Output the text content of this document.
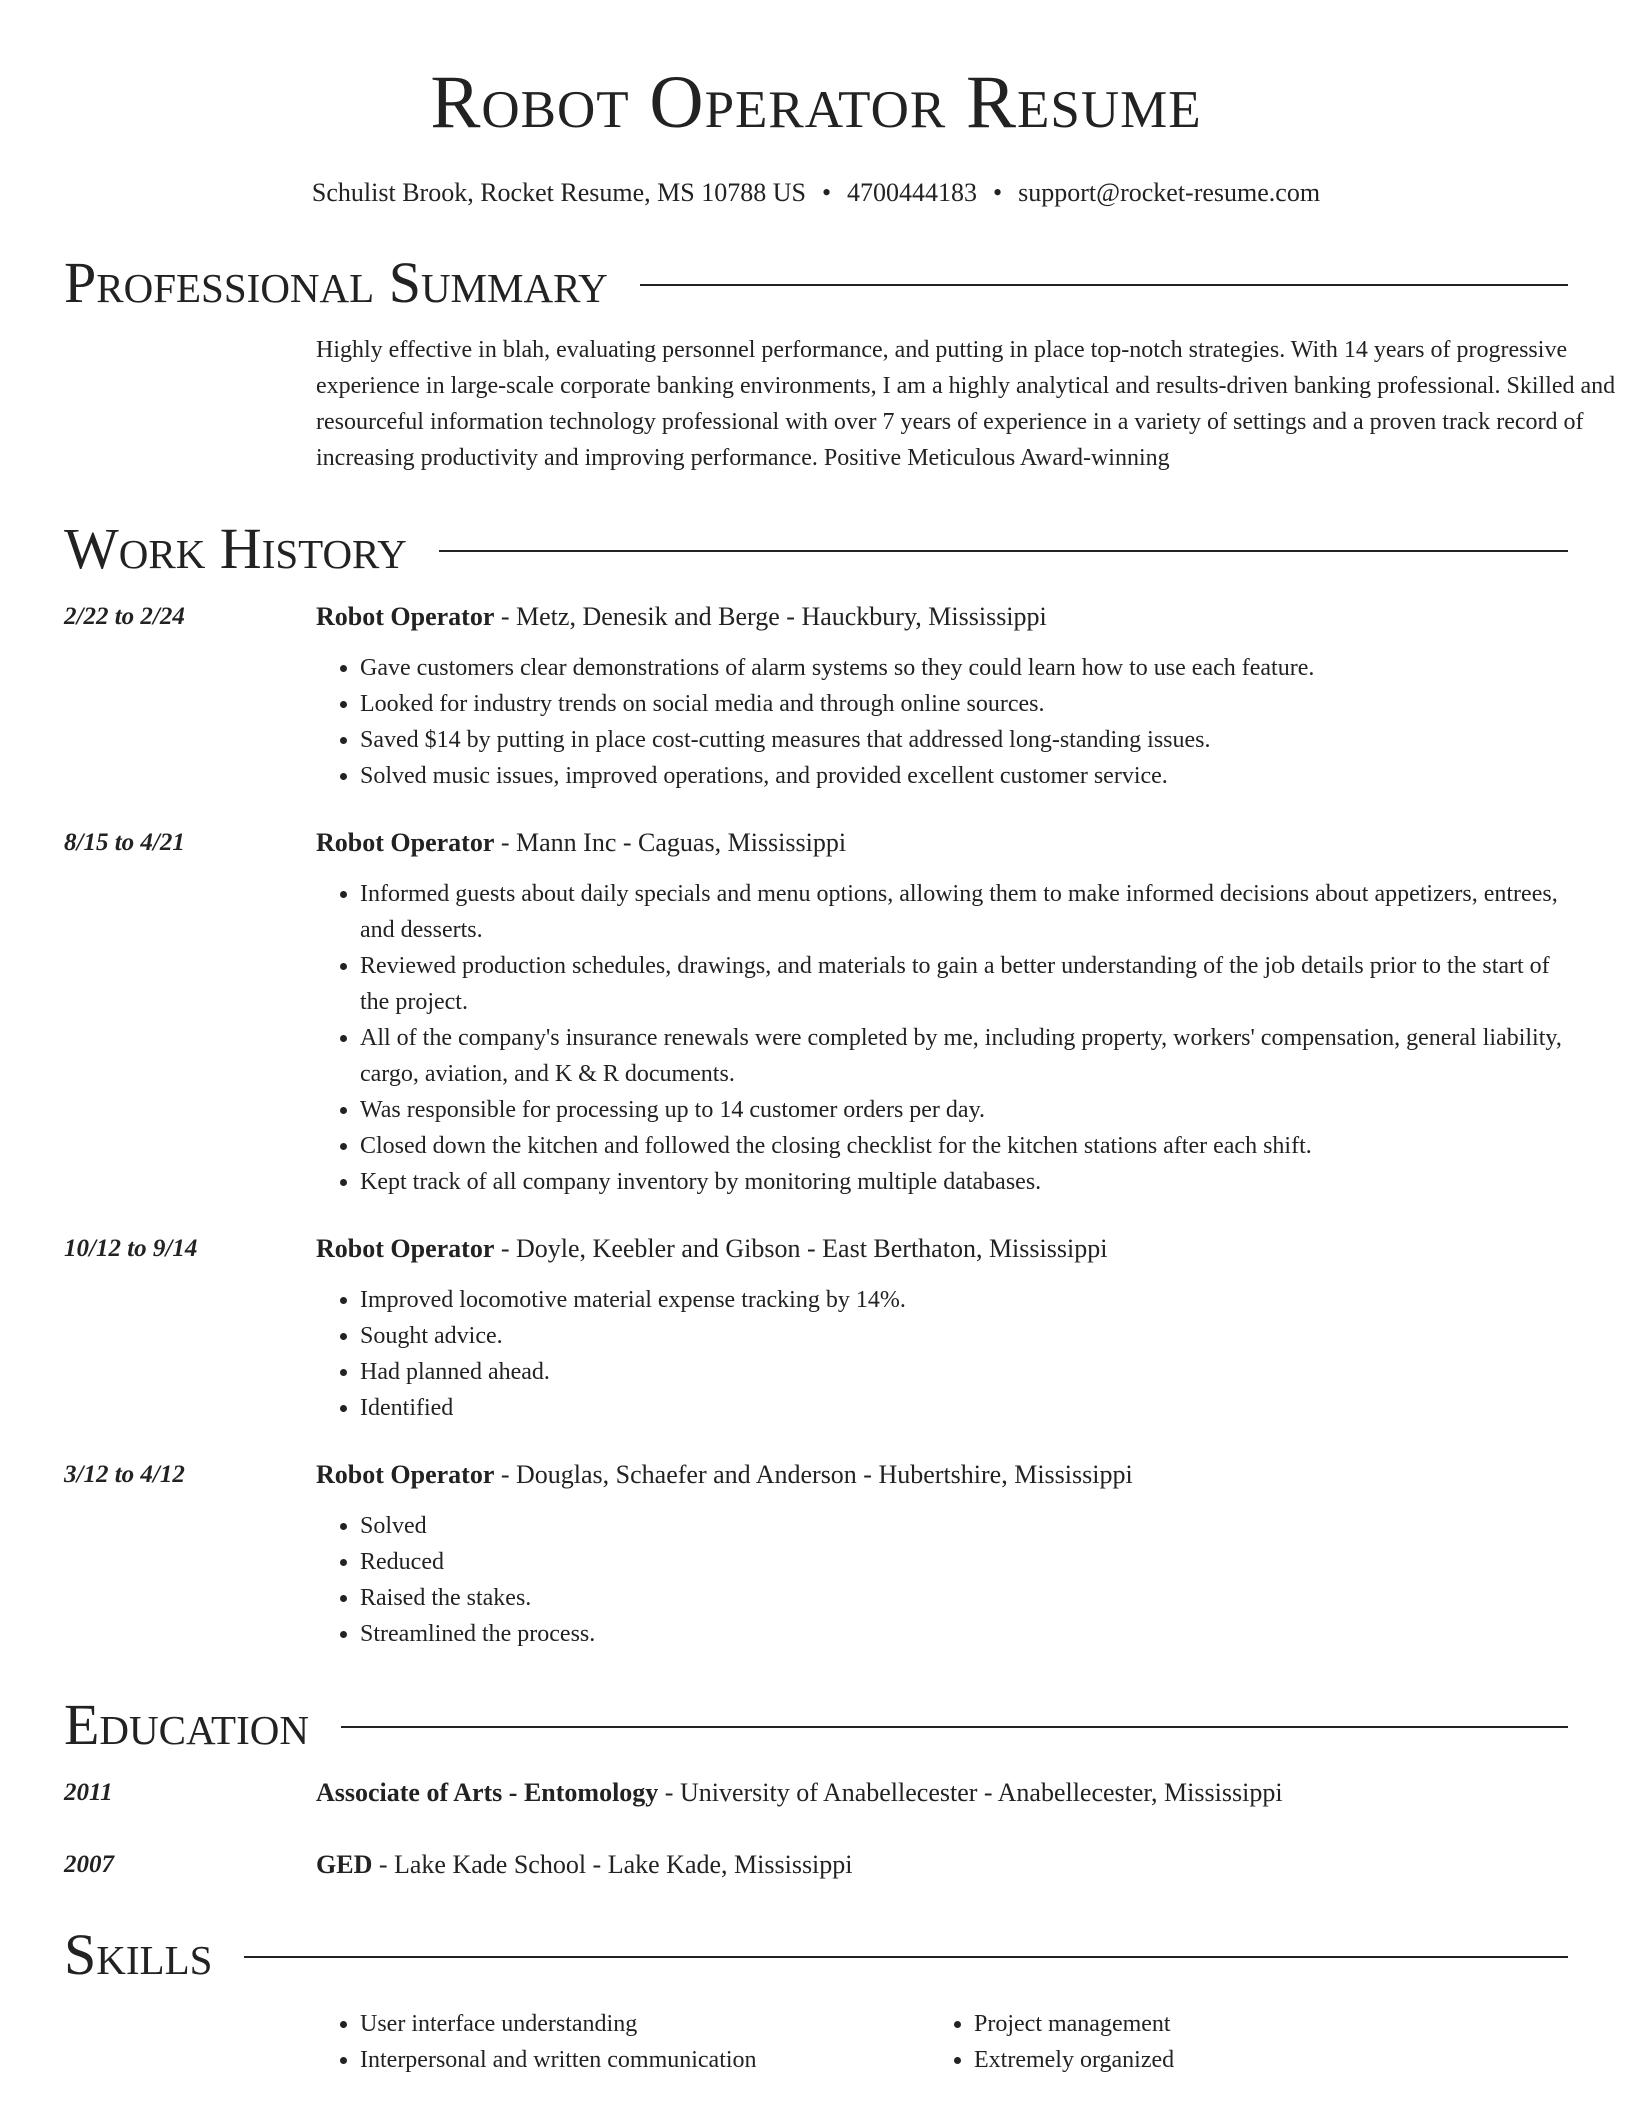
Robot Operator Resume
Schulist Brook, Rocket Resume, MS 10788 US • 4700444183 • support@rocket-resume.com
Professional Summary
Highly effective in blah, evaluating personnel performance, and putting in place top-notch strategies. With 14 years of progressive experience in large-scale corporate banking environments, I am a highly analytical and results-driven banking professional. Skilled and resourceful information technology professional with over 7 years of experience in a variety of settings and a proven track record of increasing productivity and improving performance. Positive Meticulous Award-winning
Work History
2/22 to 2/24	Robot Operator - Metz, Denesik and Berge - Hauckbury, Mississippi
• Gave customers clear demonstrations of alarm systems so they could learn how to use each feature.
• Looked for industry trends on social media and through online sources.
• Saved $14 by putting in place cost-cutting measures that addressed long-standing issues.
• Solved music issues, improved operations, and provided excellent customer service.
8/15 to 4/21	Robot Operator - Mann Inc - Caguas, Mississippi
• Informed guests about daily specials and menu options, allowing them to make informed decisions about appetizers, entrees, and desserts.
• Reviewed production schedules, drawings, and materials to gain a better understanding of the job details prior to the start of the project.
• All of the company's insurance renewals were completed by me, including property, workers' compensation, general liability, cargo, aviation, and K & R documents.
• Was responsible for processing up to 14 customer orders per day.
• Closed down the kitchen and followed the closing checklist for the kitchen stations after each shift.
• Kept track of all company inventory by monitoring multiple databases.
10/12 to 9/14	Robot Operator - Doyle, Keebler and Gibson - East Berthaton, Mississippi
• Improved locomotive material expense tracking by 14%.
• Sought advice.
• Had planned ahead.
• Identified
3/12 to 4/12	Robot Operator - Douglas, Schaefer and Anderson - Hubertshire, Mississippi
• Solved
• Reduced
• Raised the stakes.
• Streamlined the process.
Education
2011	Associate of Arts - Entomology - University of Anabellecester - Anabellecester, Mississippi
2007	GED - Lake Kade School - Lake Kade, Mississippi
Skills
• User interface understanding
• Interpersonal and written communication
• Project management
• Extremely organized
